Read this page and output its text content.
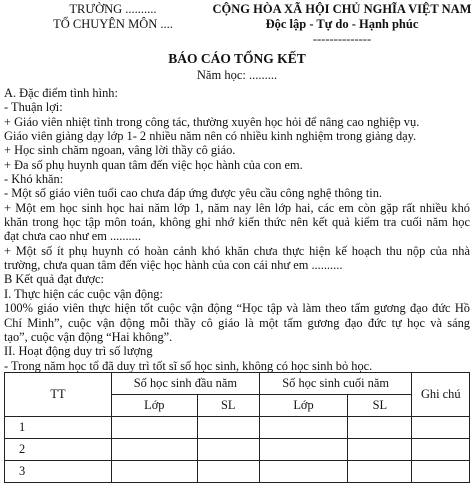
TRƯỜNG ..........
TỔ CHUYÊN MÔN ....
CỘNG HÒA XÃ HỘI CHỦ NGHĨA VIỆT NAM
Độc lập - Tự do - Hạnh phúc
--------------
BÁO CÁO TỔNG KẾT
Năm học: .........
A. Đặc điểm tình hình:
- Thuận lợi:
+ Giáo viên nhiệt tình trong công tác, thường xuyên học hỏi để nâng cao nghiệp vụ.
Giáo viên giảng dạy lớp 1- 2 nhiều năm nên có nhiều kinh nghiệm trong giảng dạy.
+ Học sinh chăm ngoan, vâng lời thầy cô giáo.
+ Đa số phụ huynh quan tâm đến việc học hành của con em.
- Khó khăn:
- Một số giáo viên tuổi cao chưa đáp ứng được yêu cầu công nghệ thông tin.
+ Một em học sinh học hai năm lớp 1, năm nay lên lớp hai, các em còn gặp rất nhiều khó
khăn trong học tập môn toán, không ghi nhớ kiến thức nên kết quả kiểm tra cuối năm học
đạt chưa cao như em ..........
+ Một số ít phụ huynh có hoàn cảnh khó khăn chưa thực hiện kế hoạch thu nộp của nhà
trường, chưa quan tâm đến việc học hành của con cái như em ..........
B Kết quả đạt được:
I. Thực hiện các cuộc vận động:
100% giáo viên thực hiện tốt cuộc vận động “Học tập và làm theo tấm gương đạo đức Hồ
Chí Minh”, cuộc vận động mỗi thầy cô giáo là một tấm gương đạo đức tự học và sáng
tạo”, cuộc vận động “Hai không”.
II. Hoạt động duy trì số lượng
- Trong năm học tổ đã duy trì tốt sĩ số học sinh, không có học sinh bỏ học.
TT	Số học sinh đầu năm		Số học sinh cuối năm		Ghi chú
	Lớp	SL	Lớp	SL	
1					
2					
3					
